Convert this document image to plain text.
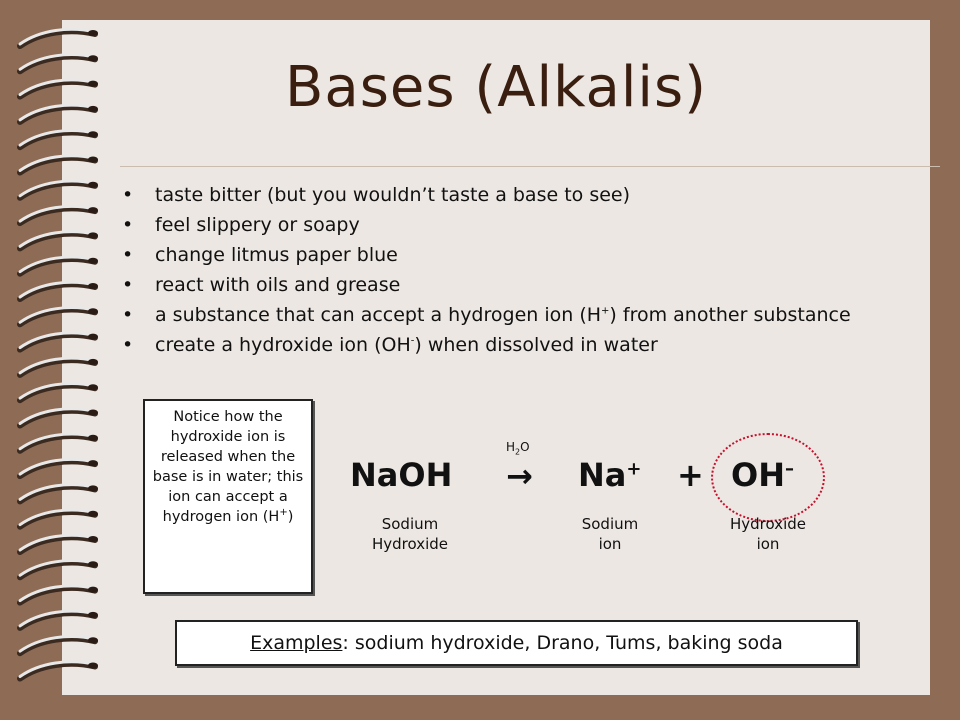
Bases (Alkalis)
• taste bitter (but you wouldn’t taste a base to see)
• feel slippery or soapy
• change litmus paper blue
• react with oils and grease
• a substance that can accept a hydrogen ion (H+) from another substance
• create a hydroxide ion (OH-) when dissolved in water
Notice how the hydroxide ion is released when the base is in water; this ion can accept a hydrogen ion (H+)
NaOH
$H_2O$
→ Na+ + OH–
Sodium
Hydroxide
Sodium
ion
Hydroxide
ion
Examples : sodium hydroxide, Drano, Tums, baking soda
